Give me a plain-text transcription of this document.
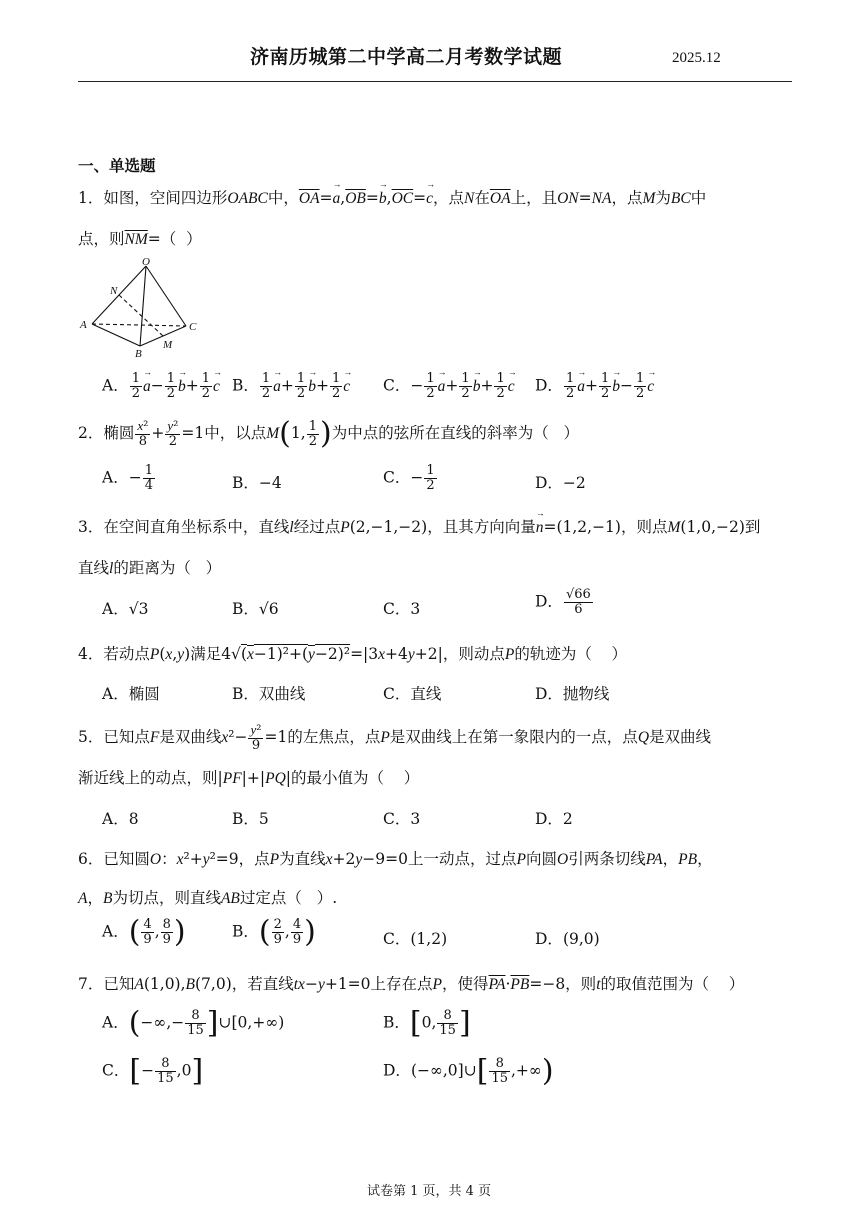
济南历城第二中学高二月考数学试题	2025.12
一、单选题
1．如图，空间四边形OABC中，$\overline{OA}=\to a,\overline{OB}=\to b,\overline{OC}=\to c$，点N在$\overline{OA}$上，且ON=NA，点M为BC中
点，则$\overline{NM}=$（  ）
O
N
A	C
B
M
A． $\frac{1}{2} \to a- \frac{1}{2} \to b+ \frac{1}{2} \to c$ B． $\frac{1}{2} \to a+ \frac{1}{2} \to b+ \frac{1}{2} \to c$ C．− $\frac{1}{2} \to a+ \frac{1}{2} \to b+ \frac{1}{2} \to c$ D． $\frac{1}{2} \to a+ \frac{1}{2} \to b- \frac{1}{2} \to c$
2．椭圆 $\frac{\text{x²}}{8} + \frac{\text{y²}}{2} =1$中，以点M(1, $\frac{1}{2}$ )为中点的弦所在直线的斜率为（   ）
A．− $\frac{1}{4}$	B．−4	C．− $\frac{1}{2}$	D．−2
3．在空间直角坐标系中，直线l经过点P(2,−1,−2)，且其方向向量→ n=(1,2,−1)，则点M(1,0,−2)到
直线l的距离为（   ）
A．√3	B．√6	C．3	D． $\frac{√66}{6}$
4．若动点P(x,y)满足4√(x−1)²+(y−2)²=|3x+4y+2|，则动点P的轨迹为（    ）
A．椭圆	B．双曲线	C．直线	D．抛物线
5．已知点F是双曲线$x^2- \frac{\text{y²}}{9} =1$的左焦点，点P是双曲线上在第一象限内的一点，点Q是双曲线
渐近线上的动点，则|PF|+|PQ|的最小值为（    ）
A．8	B．5	C．3	D．2
6．已知圆O：x²+y²=9，点P为直线x+2y−9=0上一动点，过点P向圆O引两条切线PA，PB，
A，B为切点，则直线AB过定点（   ）.
A．( $\frac{4}{9}$ , $\frac{8}{9}$ )	B．( $\frac{2}{9}$ , $\frac{4}{9}$ )	C．(1,2)	D．(9,0)
7．已知A(1,0),B(7,0)，若直线tx−y+1=0上存在点P，使得$\overline{PA}\cdot\overline{PB}=-8$，则t的取值范围为（    ）
A．(−∞,− $\frac{8}{15}$ ]∪[0,+∞)	B．[0, $\frac{8}{15}$ ]
C．[− $\frac{8}{15} ,0$]	D．(−∞,0]∪[ $\frac{8}{15}$ ,+∞)
试卷第 1 页，共 4 页
